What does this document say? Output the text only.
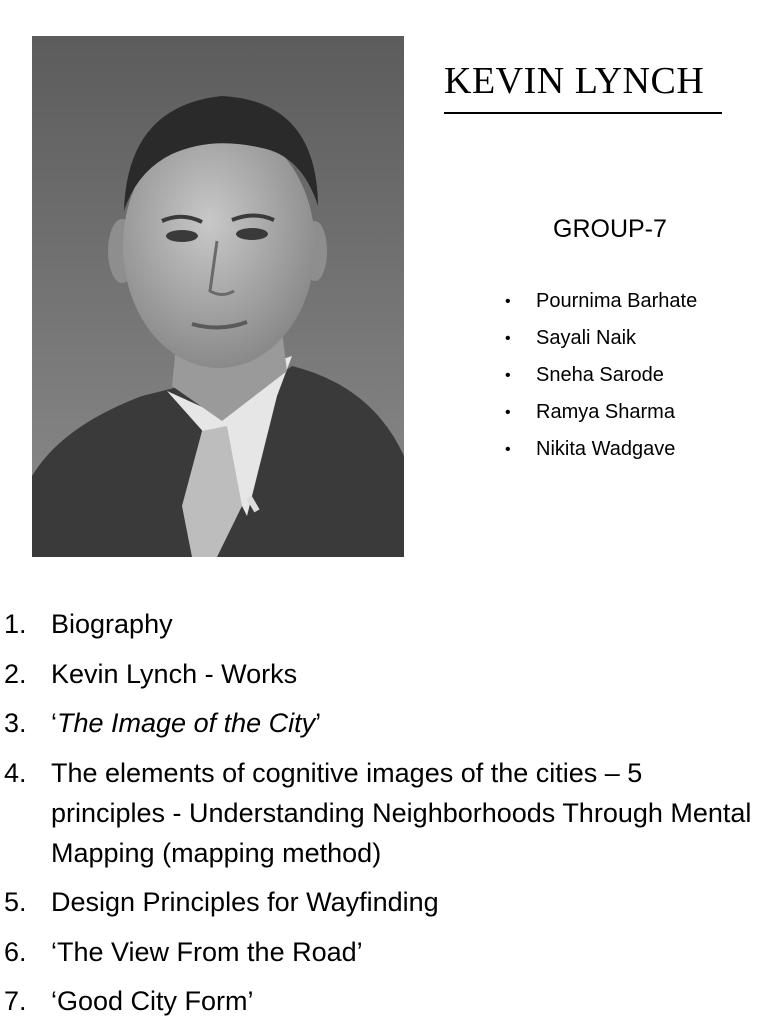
KEVIN LYNCH
GROUP-7
• Pournima Barhate
• Sayali Naik
• Sneha Sarode
• Ramya Sharma
• Nikita Wadgave
1. Biography
2. Kevin Lynch - Works
3. ‘The Image of the City’
4. The elements of cognitive images of the cities – 5 principles - Understanding Neighborhoods Through Mental Mapping (mapping method)
5. Design Principles for Wayfinding
6. ‘The View From the Road’
7. ‘Good City Form’
